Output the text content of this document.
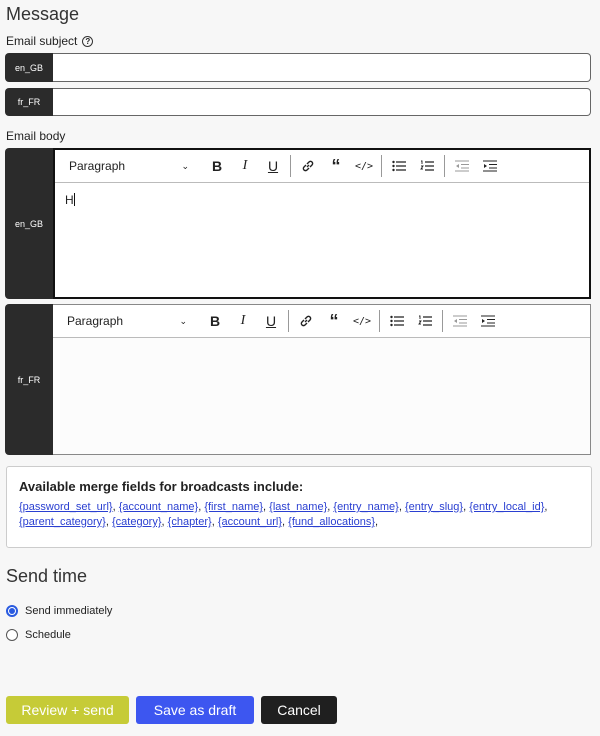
Message
Email subject ?
en_GB
fr_FR
Email body
en_GB
Paragraph	⌄	B	I	U	“	</>
H
fr_FR
Paragraph	⌄	B	I	U	“	</>
Available merge fields for broadcasts include:
{password_set_url}, {account_name}, {first_name}, {last_name}, {entry_name}, {entry_slug}, {entry_local_id}, {parent_category}, {category}, {chapter}, {account_url}, {fund_allocations},
Send time
Send immediately
Schedule
Review + send	Save as draft	Cancel
